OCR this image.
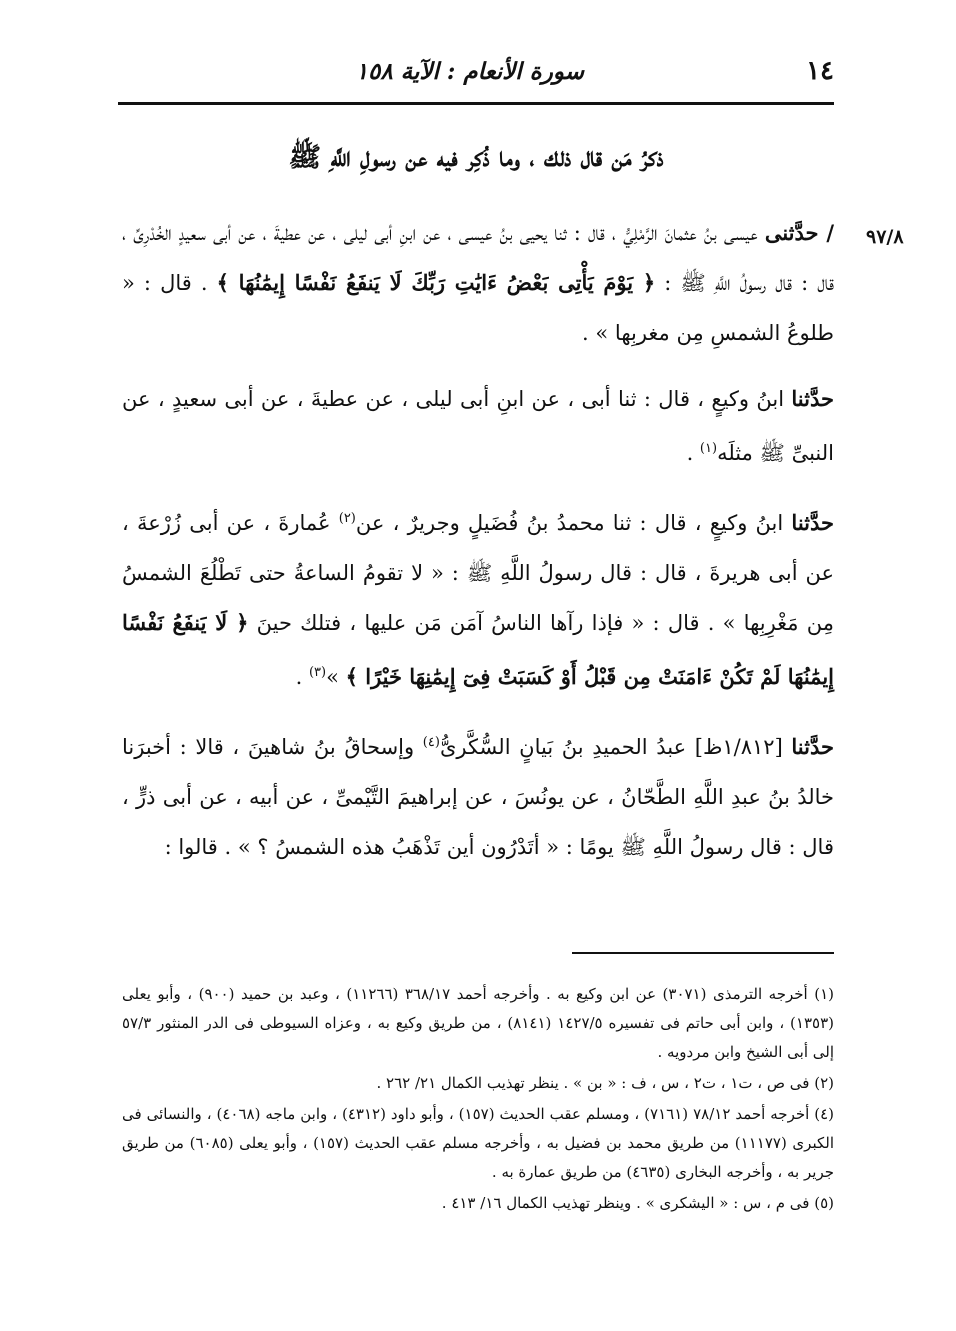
١٤
سورة الأنعام : الآية ١٥٨
ذكرُ مَن قال ذلك ، وما ذُكِر فيه عن رسولِ اللَّهِ ﷺ
٩٧/٨

/ حدَّثنى عيسى بنُ عثمانَ الرَّمْلِيُّ ، قال : ثنا يحيى بنُ عيسى ، عن ابنِ أبى ليلى ، عن عطيةَ ، عن أبى سعيدٍ الخُدْرِىِّ ، قال : قال رسولُ اللَّهِ ﷺ : ﴿ يَوْمَ يَأْتِى بَعْضُ ءَايَٰتِ رَبِّكَ لَا يَنفَعُ نَفْسًا إِيمَٰنُهَا ﴾ . قال : « طلوعُ الشمسِ مِن مغربِها » .

حدَّثنا ابنُ وكيعٍ ، قال : ثنا أبى ، عن ابنِ أبى ليلى ، عن عطيةَ ، عن أبى سعيدٍ ، عن النبىِّ ﷺ مثلَه$^{(١)}$ .

حدَّثنا ابنُ وكيعٍ ، قال : ثنا محمدُ بنُ فُضَيلٍ وجريرٌ ، عن$^{(٢)}$ عُمارةَ ، عن أبى زُرْعةَ ، عن أبى هريرةَ ، قال : قال رسولُ اللَّهِ ﷺ : « لا تقومُ الساعةُ حتى تَطْلُعَ الشمسُ مِن مَغْرِبِها » . قال : « فإذا رآها الناسُ آمَن مَن عليها ، فتلك حينَ ﴿ لَا يَنفَعُ نَفْسًا إِيمَٰنُهَا لَمْ تَكُنْ ءَامَنَتْ مِن قَبْلُ أَوْ كَسَبَتْ فِىٓ إِيمَٰنِهَا خَيْرًا ﴾ »$^{(٣)}$ .

حدَّثنا [١/٨١٢ظ] عبدُ الحميدِ بنُ بَيانٍ السُّكَّرىُّ$^{(٤)}$ وإسحاقُ بنُ شاهينَ ، قالا : أخبرَنا خالدُ بنُ عبدِ اللَّهِ الطَّحّانُ ، عن يونُسَ ، عن إبراهيمَ التَّيْمىِّ ، عن أبيه ، عن أبى ذرٍّ ، قال : قال رسولُ اللَّهِ ﷺ يومًا : « أتَدْرُون أين تَذْهَبُ هذه الشمسُ ؟ » . قالوا :

(١) أخرجه الترمذى (٣٠٧١) عن ابن وكيع به . وأخرجه أحمد ٣٦٨/١٧ (١١٢٦٦) ، وعبد بن حميد (٩٠٠) ، وأبو يعلى (١٣٥٣) ، وابن أبى حاتم فى تفسيره ١٤٢٧/٥ (٨١٤١) ، من طريق وكيع به ، وعزاه السيوطى فى الدر المنثور ٥٧/٣ إلى أبى الشيخ وابن مردويه .

(٢) فى ص ، ت١ ، ت٢ ، س ، ف : « بن » . ينظر تهذيب الكمال ٢١/ ٢٦٢ .

(٤) أخرجه أحمد ٧٨/١٢ (٧١٦١) ، ومسلم عقب الحديث (١٥٧) ، وأبو داود (٤٣١٢) ، وابن ماجه (٤٠٦٨) ، والنسائى فى الكبرى (١١١٧٧) من طريق محمد بن فضيل به ، وأخرجه مسلم عقب الحديث (١٥٧) ، وأبو يعلى (٦٠٨٥) من طريق جرير به ، وأخرجه البخارى (٤٦٣٥) من طريق عمارة به .

(٥) فى م ، س : « اليشكرى » . وينظر تهذيب الكمال ١٦/ ٤١٣ .
